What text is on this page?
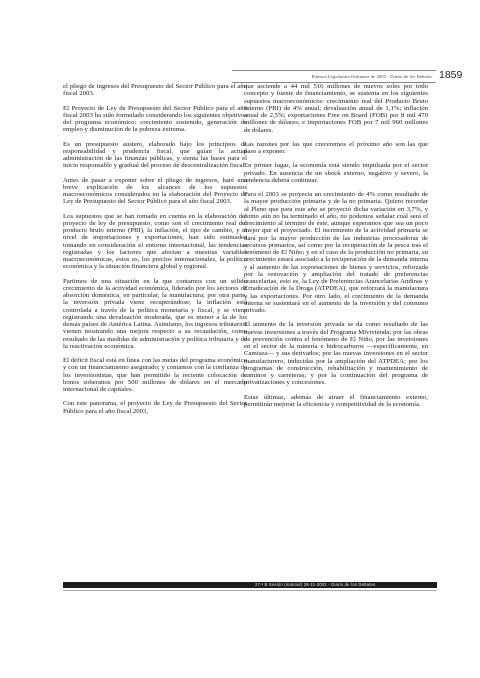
Primera Legislatura Ordinaria de 2002 - Diario de los Debates 1859

el pliego de ingresos del Presupuesto del Sector Público para el año fiscal 2003.

El Proyecto de Ley de Presupuesto del Sector Público para el año fiscal 2003 ha sido formulado considerando los siguientes objetivos del programa económico: crecimiento sostenido, generación de empleo y disminución de la pobreza extrema.

Es un presupuesto austero, elaborado bajo los principios de responsabilidad y prudencia fiscal, que guían la actual administración de las finanzas públicas, y sienta las bases para el inicio responsable y gradual del proceso de descentralización fiscal.

Antes de pasar a exponer sobre el pliego de ingresos, haré una breve explicación de los alcances de los supuestos macroeconómicos considerados en la elaboración del Proyecto de Ley de Presupuesto del Sector Público para el año fiscal 2003.

Los supuestos que se han tomado en cuenta en la elaboración del proyecto de ley de presupuesto, como son el crecimiento real del producto bruto interno (PBI), la inflación, el tipo de cambio, y el nivel de importaciones y exportaciones, han sido estimados tomando en consideración el entorno internacional, las tendencias registradas y los factores que afectan a nuestras variables macroeconómicas, estos es, los precios internacionales, la política económica y la situación financiera global y regional.

Partimos de una situación en la que contamos con un sólido crecimiento de la actividad económica, liderado por los sectores de absorción doméstica, en particular, la manufactura; por otra parte, la inversión privada viene recuperándose; la inflación está controlada a través de la política monetaria y fiscal, y se viene registrando una devaluación moderada, que es menor a la de los demás países de América Latina. Asimismo, los ingresos tributarios vienen mostrando una mejora respecto a su recaudación, como resultado de las medidas de administración y política tributaria y de la reactivación económica.

El déficit fiscal está en línea con las metas del programa económico y con un financiamiento asegurado; y contamos con la confianza de los inversionistas, que han permitido la reciente colocación de bonos soberanos por 500 millones de dólares en el mercado internacional de capitales.

Con este panorama, el proyecto de Ley de Presupuesto del Sector Público para el año fiscal 2003,

que asciende a 44 mil 516 millones de nuevos soles por todo concepto y fuente de financiamiento, se sustenta en los siguientes supuestos macroeconómicos: crecimiento real del Producto Bruto Interno (PBI) de 4% anual; devaluación anual de 1,1%; inflación anual de 2,5%; exportaciones Free on Board (FOB) por 8 mil 470 millones de dólares; e importaciones FOB por 7 mil 960 millones de dólares.

Las razones por las que creceremos el próximo año son las que paso a exponer.

En primer lugar, la economía está siendo impulsada por el sector privado. En ausencia de un shock externo, negativo y severo, la tendencia deberá continuar.

Para el 2003 se proyecta un crecimiento de 4% como resultado de la mayor producción primaria y de la no primaria. Quiero recordar al Pleno que para este año se proyectó dicha variación en 3,7%, y como aún no ha terminado el año, no podemos señalar cuál será el crecimiento al término de éste, aunque esperamos que sea un poco mejor que el proyectado. El incremento de la actividad primaria se dará por la mayor producción de las industrias procesadoras de recursos primarios, así como por la recuperación de la pesca tras el fenómeno de El Niño; y en el caso de la producción no primaria, su crecimiento estará asociado a la recuperación de la demanda interna y al aumento de las exportaciones de bienes y servicios, reforzada por la renovación y ampliación del tratado de preferencias arancelarias, esto es, la Ley de Preferencias Arancelarias Andinas y Erradicación de la Droga (ATPDEA), que reforzará la manufactura y las exportaciones. Por otro lado, el crecimiento de la demanda interna se sustentará en el aumento de la inversión y del consumo privado.

El aumento de la inversión privada se da como resultado de las nuevas inversiones a través del Programa Mivivienda; por las obras de prevención contra el fenómeno de El Niño, por las inversiones en el sector de la minería e hidrocarburos —específicamente, en Camisea— y sus derivados; por las nuevas inversiones en el sector manufacturero, inducidas por la ampliación del ATPDEA; por los programas de construcción, rehabilitación y mantenimiento de caminos y carreteras; y por la continuación del programa de privatizaciones y concesiones.

Estas últimas, además de atraer el financiamiento externo, permitirán mejorar la eficiencia y competitividad de la economía.

27.ª B Sesión (matinal) 28-11-2002 - Diario de los Debates
